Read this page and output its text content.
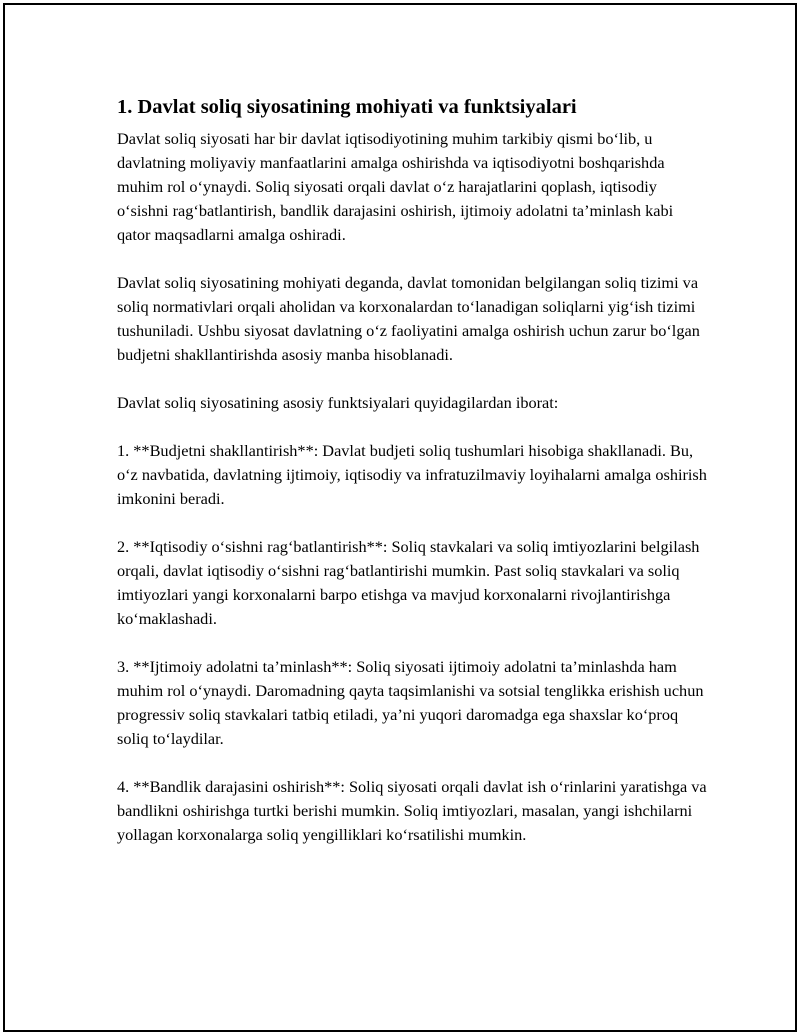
1. Davlat soliq siyosatining mohiyati va funktsiyalari

Davlat soliq siyosati har bir davlat iqtisodiyotining muhim tarkibiy qismi bo‘lib, u davlatning moliyaviy manfaatlarini amalga oshirishda va iqtisodiyotni boshqarishda muhim rol o‘ynaydi. Soliq siyosati orqali davlat o‘z harajatlarini qoplash, iqtisodiy o‘sishni rag‘batlantirish, bandlik darajasini oshirish, ijtimoiy adolatni ta’minlash kabi qator maqsadlarni amalga oshiradi.

Davlat soliq siyosatining mohiyati deganda, davlat tomonidan belgilangan soliq tizimi va soliq normativlari orqali aholidan va korxonalardan to‘lanadigan soliqlarni yig‘ish tizimi tushuniladi. Ushbu siyosat davlatning o‘z faoliyatini amalga oshirish uchun zarur bo‘lgan budjetni shakllantirishda asosiy manba hisoblanadi.

Davlat soliq siyosatining asosiy funktsiyalari quyidagilardan iborat:

1. **Budjetni shakllantirish**: Davlat budjeti soliq tushumlari hisobiga shakllanadi. Bu, o‘z navbatida, davlatning ijtimoiy, iqtisodiy va infratuzilmaviy loyihalarni amalga oshirish imkonini beradi.

2. **Iqtisodiy o‘sishni rag‘batlantirish**: Soliq stavkalari va soliq imtiyozlarini belgilash orqali, davlat iqtisodiy o‘sishni rag‘batlantirishi mumkin. Past soliq stavkalari va soliq imtiyozlari yangi korxonalarni barpo etishga va mavjud korxonalarni rivojlantirishga ko‘maklashadi.

3. **Ijtimoiy adolatni ta’minlash**: Soliq siyosati ijtimoiy adolatni ta’minlashda ham muhim rol o‘ynaydi. Daromadning qayta taqsimlanishi va sotsial tenglikka erishish uchun progressiv soliq stavkalari tatbiq etiladi, ya’ni yuqori daromadga ega shaxslar ko‘proq soliq to‘laydilar.

4. **Bandlik darajasini oshirish**: Soliq siyosati orqali davlat ish o‘rinlarini yaratishga va bandlikni oshirishga turtki berishi mumkin. Soliq imtiyozlari, masalan, yangi ishchilarni yollagan korxonalarga soliq yengilliklari ko‘rsatilishi mumkin.
